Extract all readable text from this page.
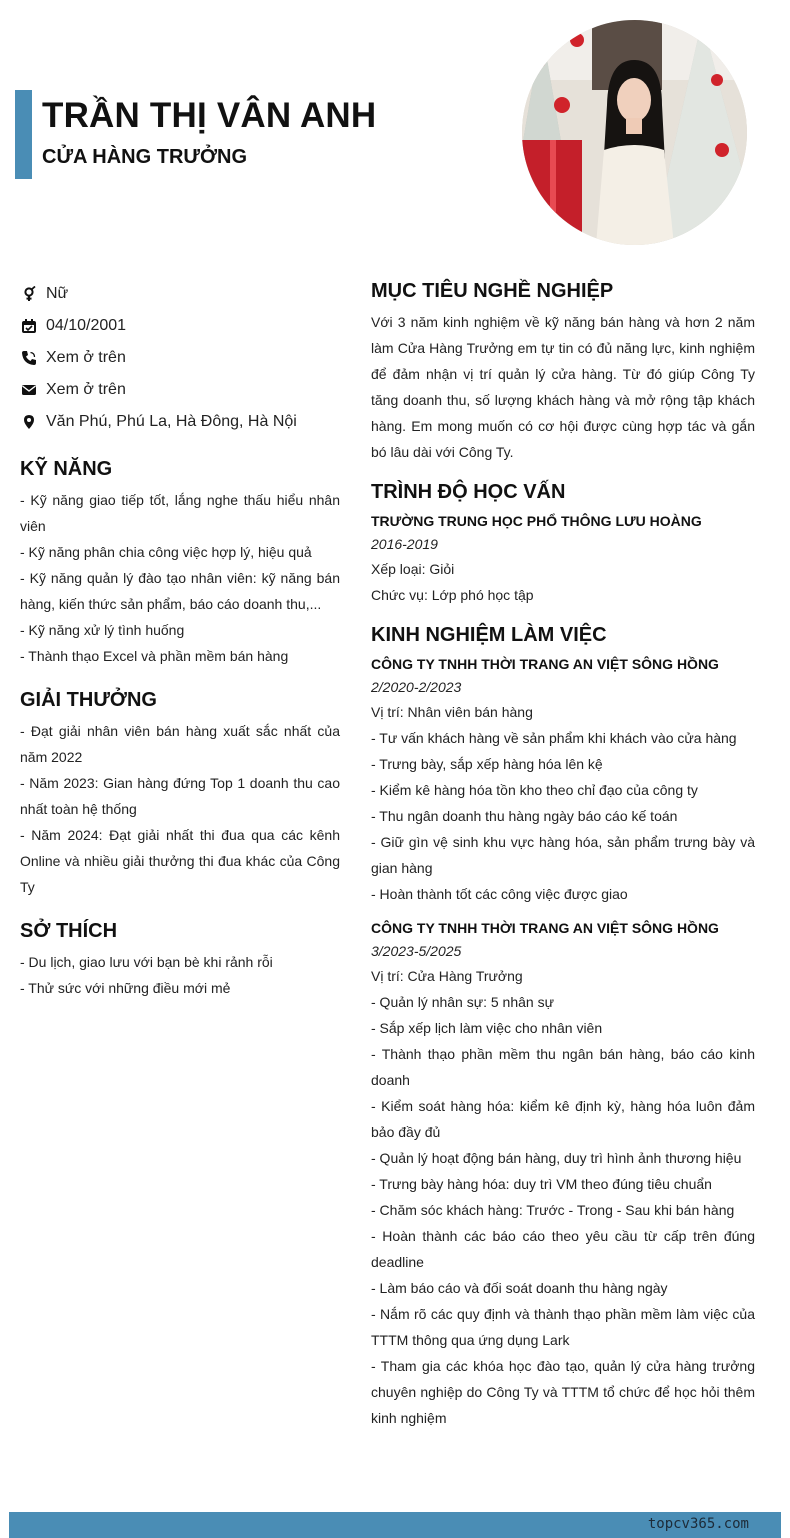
TRẦN THỊ VÂN ANH
CỬA HÀNG TRƯỞNG
Nữ
04/10/2001
Xem ở trên
Xem ở trên
Văn Phú, Phú La, Hà Đông, Hà Nội
KỸ NĂNG
- Kỹ năng giao tiếp tốt, lắng nghe thấu hiểu nhân viên
- Kỹ năng phân chia công việc hợp lý, hiệu quả
- Kỹ năng quản lý đào tạo nhân viên: kỹ năng bán hàng, kiến thức sản phẩm, báo cáo doanh thu,...
- Kỹ năng xử lý tình huống
- Thành thạo Excel và phần mềm bán hàng
GIẢI THƯỞNG
- Đạt giải nhân viên bán hàng xuất sắc nhất của năm 2022
- Năm 2023: Gian hàng đứng Top 1 doanh thu cao nhất toàn hệ thống
- Năm 2024: Đạt giải nhất thi đua qua các kênh Online và nhiều giải thưởng thi đua khác của Công Ty
SỞ THÍCH
- Du lịch, giao lưu với bạn bè khi rảnh rỗi
- Thử sức với những điều mới mẻ
MỤC TIÊU NGHỀ NGHIỆP
Với 3 năm kinh nghiệm về kỹ năng bán hàng và hơn 2 năm làm Cửa Hàng Trưởng em tự tin có đủ năng lực, kinh nghiệm để đảm nhận vị trí quản lý cửa hàng. Từ đó giúp Công Ty tăng doanh thu, số lượng khách hàng và mở rộng tập khách hàng. Em mong muốn có cơ hội được cùng hợp tác và gắn bó lâu dài với Công Ty.
TRÌNH ĐỘ HỌC VẤN
TRƯỜNG TRUNG HỌC PHỔ THÔNG LƯU HOÀNG
2016-2019
Xếp loại: Giỏi
Chức vụ: Lớp phó học tập
KINH NGHIỆM LÀM VIỆC
CÔNG TY TNHH THỜI TRANG AN VIỆT SÔNG HỒNG
2/2020-2/2023
Vị trí: Nhân viên bán hàng
- Tư vấn khách hàng về sản phẩm khi khách vào cửa hàng
- Trưng bày, sắp xếp hàng hóa lên kệ
- Kiểm kê hàng hóa tồn kho theo chỉ đạo của công ty
- Thu ngân doanh thu hàng ngày báo cáo kế toán
- Giữ gìn vệ sinh khu vực hàng hóa, sản phẩm trưng bày và gian hàng
- Hoàn thành tốt các công việc được giao
CÔNG TY TNHH THỜI TRANG AN VIỆT SÔNG HỒNG
3/2023-5/2025
Vị trí: Cửa Hàng Trưởng
- Quản lý nhân sự: 5 nhân sự
- Sắp xếp lịch làm việc cho nhân viên
- Thành thạo phần mềm thu ngân bán hàng, báo cáo kinh doanh
- Kiểm soát hàng hóa: kiểm kê định kỳ, hàng hóa luôn đảm bảo đầy đủ
- Quản lý hoạt động bán hàng, duy trì hình ảnh thương hiệu
- Trưng bày hàng hóa: duy trì VM theo đúng tiêu chuẩn
- Chăm sóc khách hàng: Trước - Trong - Sau khi bán hàng
- Hoàn thành các báo cáo theo yêu cầu từ cấp trên đúng deadline
- Làm báo cáo và đối soát doanh thu hàng ngày
- Nắm rõ các quy định và thành thạo phần mềm làm việc của TTTM thông qua ứng dụng Lark
- Tham gia các khóa học đào tạo, quản lý cửa hàng trưởng chuyên nghiệp do Công Ty và TTTM tổ chức để học hỏi thêm kinh nghiệm
topcv365.com
